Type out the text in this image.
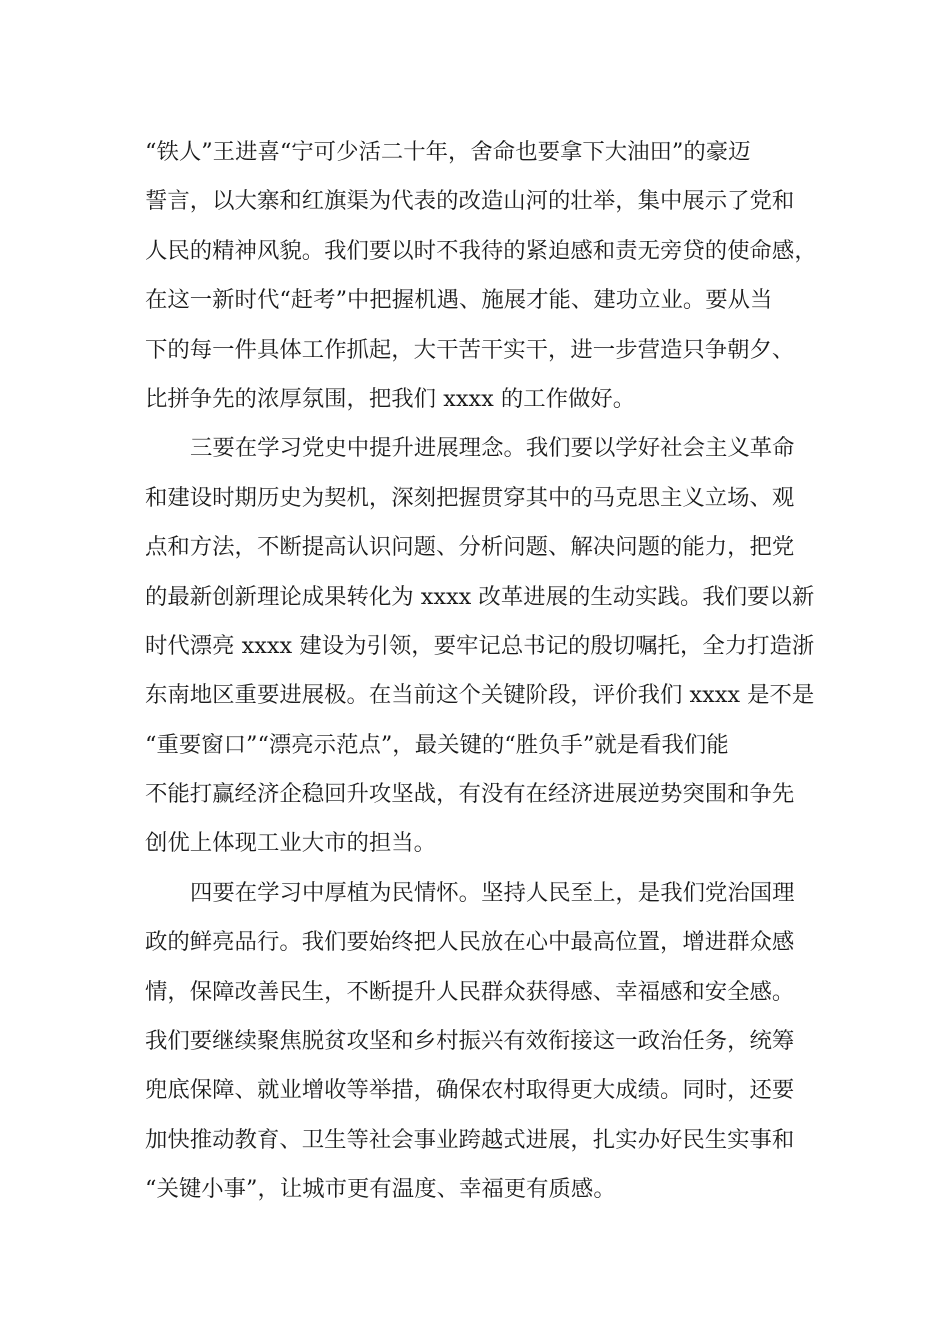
“铁人”王进喜“宁可少活二十年，舍命也要拿下大油田”的豪迈
誓言，以大寨和红旗渠为代表的改造山河的壮举，集中展示了党和
人民的精神风貌。我们要以时不我待的紧迫感和责无旁贷的使命感，
在这一新时代“赶考”中把握机遇、施展才能、建功立业。要从当
下的每一件具体工作抓起，大干苦干实干，进一步营造只争朝夕、
比拼争先的浓厚氛围，把我们 xxxx 的工作做好。
三要在学习党史中提升进展理念。我们要以学好社会主义革命
和建设时期历史为契机，深刻把握贯穿其中的马克思主义立场、观
点和方法，不断提高认识问题、分析问题、解决问题的能力，把党
的最新创新理论成果转化为 xxxx 改革进展的生动实践。我们要以新
时代漂亮 xxxx 建设为引领，要牢记总书记的殷切嘱托，全力打造浙
东南地区重要进展极。在当前这个关键阶段，评价我们 xxxx 是不是
“重要窗口”“漂亮示范点”，最关键的“胜负手”就是看我们能
不能打赢经济企稳回升攻坚战，有没有在经济进展逆势突围和争先
创优上体现工业大市的担当。
四要在学习中厚植为民情怀。坚持人民至上，是我们党治国理
政的鲜亮品行。我们要始终把人民放在心中最高位置，增进群众感
情，保障改善民生，不断提升人民群众获得感、幸福感和安全感。
我们要继续聚焦脱贫攻坚和乡村振兴有效衔接这一政治任务，统筹
兜底保障、就业增收等举措，确保农村取得更大成绩。同时，还要
加快推动教育、卫生等社会事业跨越式进展，扎实办好民生实事和
“关键小事”，让城市更有温度、幸福更有质感。
